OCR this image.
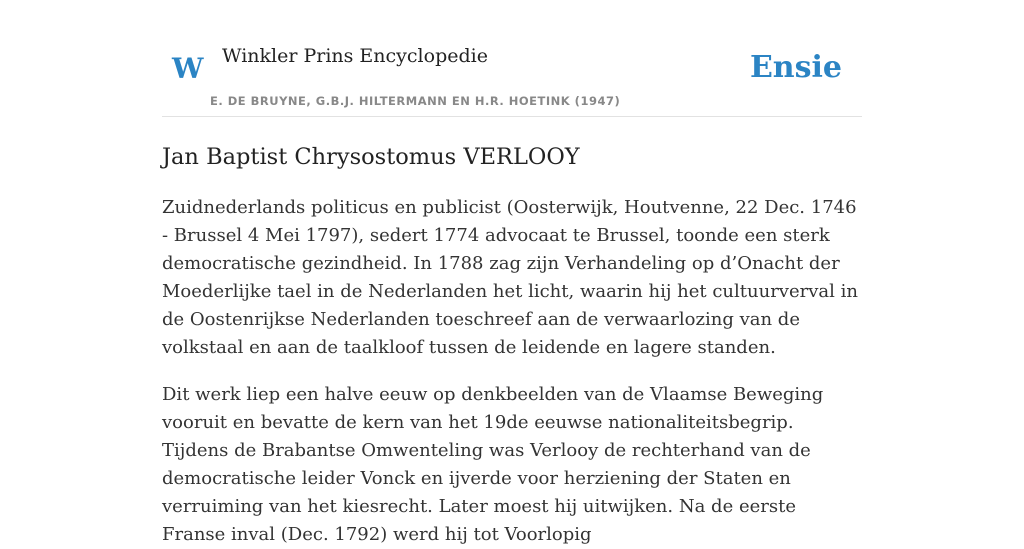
W Winkler Prins Encyclopedie
E. DE BRUYNE, G.B.J. HILTERMANN EN H.R. HOETINK (1947)
Ensie
Jan Baptist Chrysostomus VERLOOY

Zuidnederlands politicus en publicist (Oosterwijk, Houtvenne, 22 Dec. 1746 - Brussel 4 Mei 1797), sedert 1774 advocaat te Brussel, toonde een sterk democratische gezindheid. In 1788 zag zijn Verhandeling op d’Onacht der Moederlijke tael in de Nederlanden het licht, waarin hij het cultuurverval in de Oostenrijkse Nederlanden toeschreef aan de verwaarlozing van de volkstaal en aan de taalkloof tussen de leidende en lagere standen.

Dit werk liep een halve eeuw op denkbeelden van de Vlaamse Beweging vooruit en bevatte de kern van het 19de eeuwse nationaliteitsbegrip. Tijdens de Brabantse Omwenteling was Verlooy de rechterhand van de democratische leider Vonck en ijverde voor herziening der Staten en verruiming van het kiesrecht. Later moest hij uitwijken. Na de eerste Franse inval (Dec. 1792) werd hij tot Voorlopig
